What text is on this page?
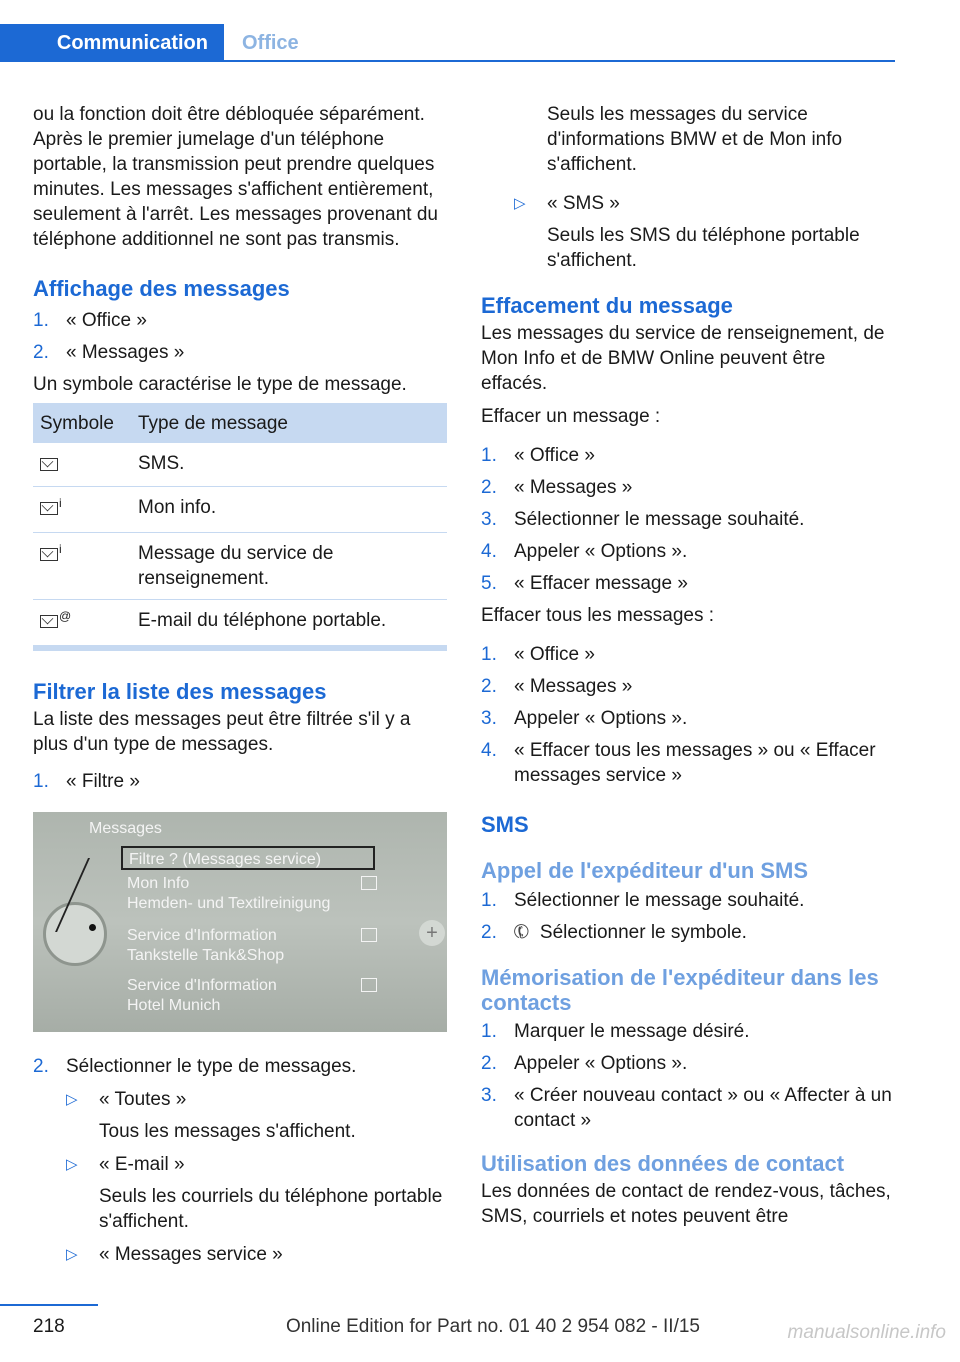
Communication	Office

ou la fonction doit être débloquée séparément. Après le premier jumelage d'un téléphone portable, la transmission peut prendre quelques minutes. Les messages s'affichent entièrement, seulement à l'arrêt. Les messages provenant du téléphone additionnel ne sont pas transmis.

Affichage des messages
1. « Office »
2. « Messages »

Un symbole caractérise le type de message.

Symbole	Type de message
	SMS.
$^i$	Mon info.
$^i$	Message du service de renseignement.
@	E-mail du téléphone portable.
Filtrer la liste des messages

La liste des messages peut être filtrée s'il y a plus d'un type de messages.

1. « Filtre »
Messages
Filtre ? (Messages service)
Mon Info
Hemden- und Textilreinigung
Service d'Information
Tankstelle Tank&Shop
Service d'Information
Hotel Munich
+
2. Sélectionner le type de messages.
▷	« Toutes »
Tous les messages s'affichent.
▷	« E-mail »
Seuls les courriels du téléphone portable s'affichent.
▷	« Messages service »
Seuls les messages du service d'informations BMW et de Mon info s'affichent.
▷	« SMS »
Seuls les SMS du téléphone portable s'affichent.
Effacement du message

Les messages du service de renseignement, de Mon Info et de BMW Online peuvent être effacés.

Effacer un message :

1. « Office »
2. « Messages »
3. Sélectionner le message souhaité.
4. Appeler « Options ».
5. « Effacer message »

Effacer tous les messages :

1. « Office »
2. « Messages »
3. Appeler « Options ».
4. « Effacer tous les messages » ou « Effacer messages service »
SMS
Appel de l'expéditeur d'un SMS
1. Sélectionner le message souhaité.
2. ✆ Sélectionner le symbole.
Mémorisation de l'expéditeur dans les contacts
1. Marquer le message désiré.
2. Appeler « Options ».
3. « Créer nouveau contact » ou « Affecter à un contact »
Utilisation des données de contact

Les données de contact de rendez-vous, tâches, SMS, courriels et notes peuvent être

218	Online Edition for Part no. 01 40 2 954 082 - II/15	manualsonline.info
